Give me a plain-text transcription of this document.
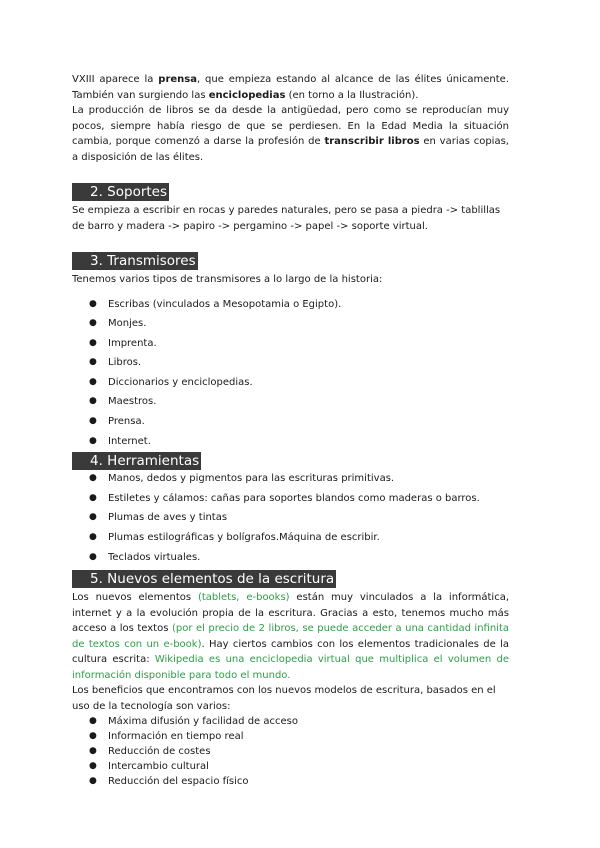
VXIII aparece la prensa, que empieza estando al alcance de las élites únicamente. También van surgiendo las enciclopedias (en torno a la Ilustración).

La producción de libros se da desde la antigüedad, pero como se reproducían muy pocos, siempre había riesgo de que se perdiesen. En la Edad Media la situación cambia, porque comenzó a darse la profesión de transcribir libros en varias copias, a disposición de las élites.

2. Soportes

Se empieza a escribir en rocas y paredes naturales, pero se pasa a piedra -> tablillas de barro y madera -> papiro -> pergamino -> papel -> soporte virtual.

3. Transmisores

Tenemos varios tipos de transmisores a lo largo de la historia:

● Escribas (vinculados a Mesopotamia o Egipto).
● Monjes.
● Imprenta.
● Libros.
● Diccionarios y enciclopedias.
● Maestros.
● Prensa.
● Internet.
4. Herramientas
● Manos, dedos y pigmentos para las escrituras primitivas.
● Estiletes y cálamos: cañas para soportes blandos como maderas o barros.
● Plumas de aves y tintas
● Plumas estilográficas y bolígrafos.Máquina de escribir.
● Teclados virtuales.
5. Nuevos elementos de la escritura

Los nuevos elementos (tablets, e-books) están muy vinculados a la informática, internet y a la evolución propia de la escritura. Gracias a esto, tenemos mucho más acceso a los textos (por el precio de 2 libros, se puede acceder a una cantidad infinita de textos con un e-book). Hay ciertos cambios con los elementos tradicionales de la cultura escrita: Wikipedia es una enciclopedia virtual que multiplica el volumen de información disponible para todo el mundo.

Los beneficios que encontramos con los nuevos modelos de escritura, basados en el uso de la tecnología son varios:

● Máxima difusión y facilidad de acceso
● Información en tiempo real
● Reducción de costes
● Intercambio cultural
● Reducción del espacio físico
